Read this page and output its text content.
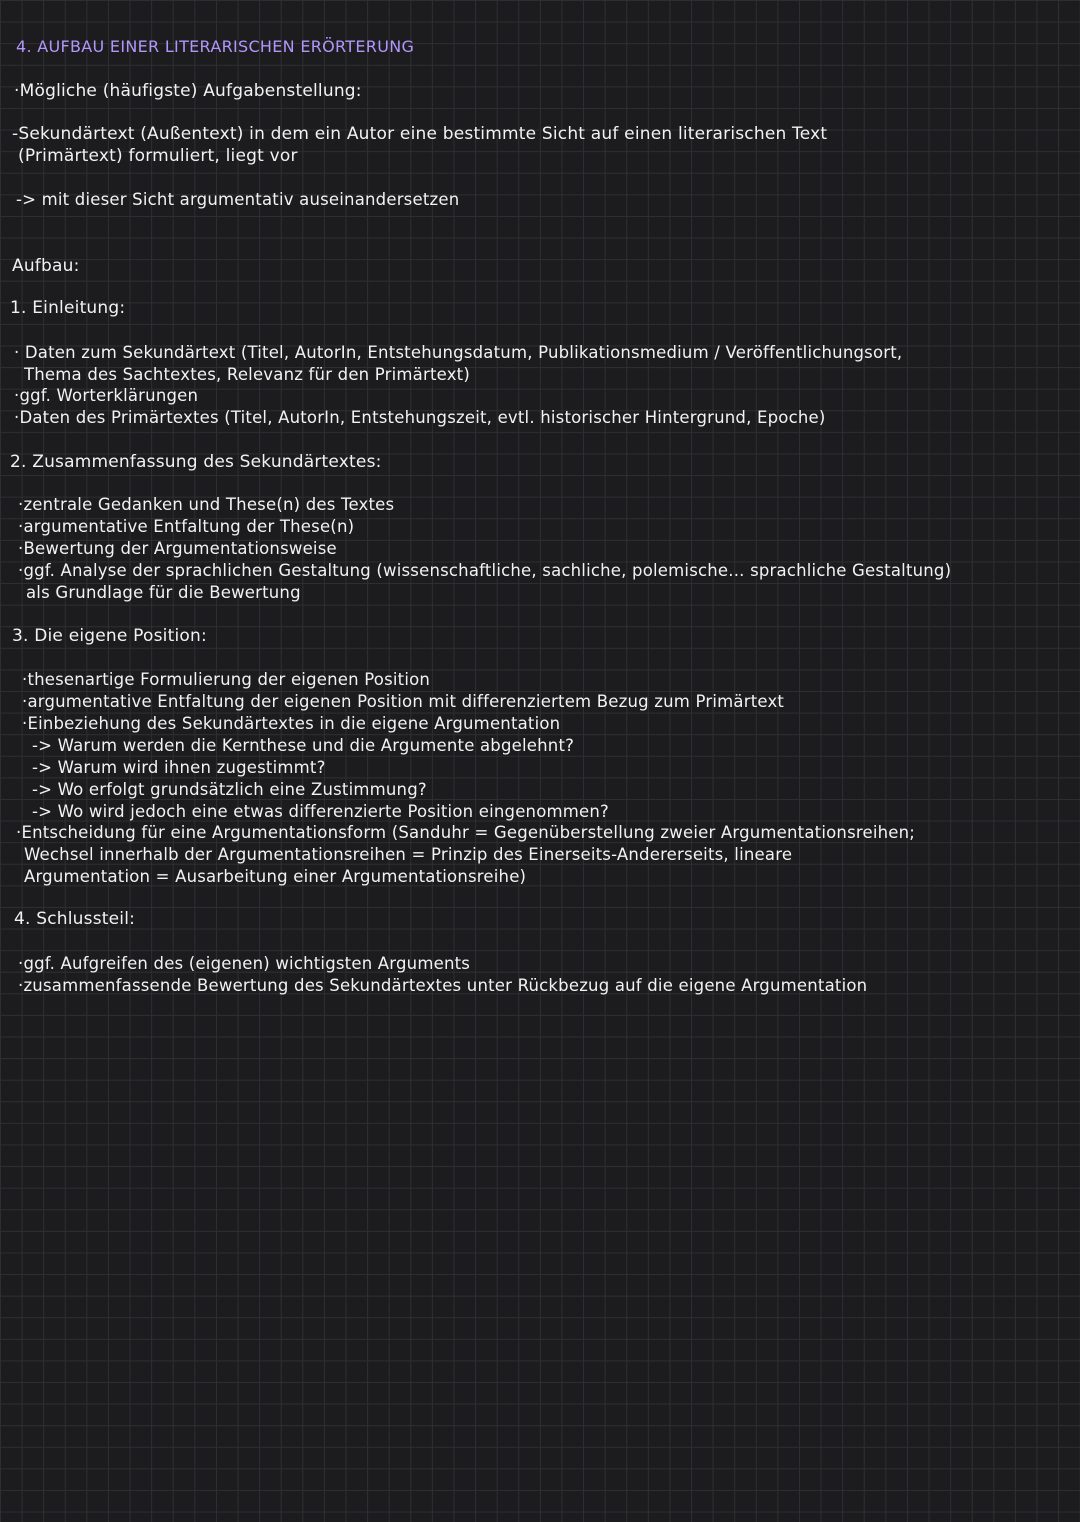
4. AUFBAU EINER LITERARISCHEN ERÖRTERUNG
·Mögliche (häufigste) Aufgabenstellung:
-Sekundärtext (Außentext) in dem ein Autor eine bestimmte Sicht auf einen literarischen Text
(Primärtext) formuliert, liegt vor
-> mit dieser Sicht argumentativ auseinandersetzen
Aufbau:
1. Einleitung:
· Daten zum Sekundärtext (Titel, AutorIn, Entstehungsdatum, Publikationsmedium / Veröffentlichungsort,
Thema des Sachtextes, Relevanz für den Primärtext)
·ggf. Worterklärungen
·Daten des Primärtextes (Titel, AutorIn, Entstehungszeit, evtl. historischer Hintergrund, Epoche)
2. Zusammenfassung des Sekundärtextes:
·zentrale Gedanken und These(n) des Textes
·argumentative Entfaltung der These(n)
·Bewertung der Argumentationsweise
·ggf. Analyse der sprachlichen Gestaltung (wissenschaftliche, sachliche, polemische... sprachliche Gestaltung)
als Grundlage für die Bewertung
3. Die eigene Position:
·thesenartige Formulierung der eigenen Position
·argumentative Entfaltung der eigenen Position mit differenziertem Bezug zum Primärtext
·Einbeziehung des Sekundärtextes in die eigene Argumentation
-> Warum werden die Kernthese und die Argumente abgelehnt?
-> Warum wird ihnen zugestimmt?
-> Wo erfolgt grundsätzlich eine Zustimmung?
-> Wo wird jedoch eine etwas differenzierte Position eingenommen?
·Entscheidung für eine Argumentationsform (Sanduhr = Gegenüberstellung zweier Argumentationsreihen;
Wechsel innerhalb der Argumentationsreihen = Prinzip des Einerseits-Andererseits, lineare
Argumentation = Ausarbeitung einer Argumentationsreihe)
4. Schlussteil:
·ggf. Aufgreifen des (eigenen) wichtigsten Arguments
·zusammenfassende Bewertung des Sekundärtextes unter Rückbezug auf die eigene Argumentation
